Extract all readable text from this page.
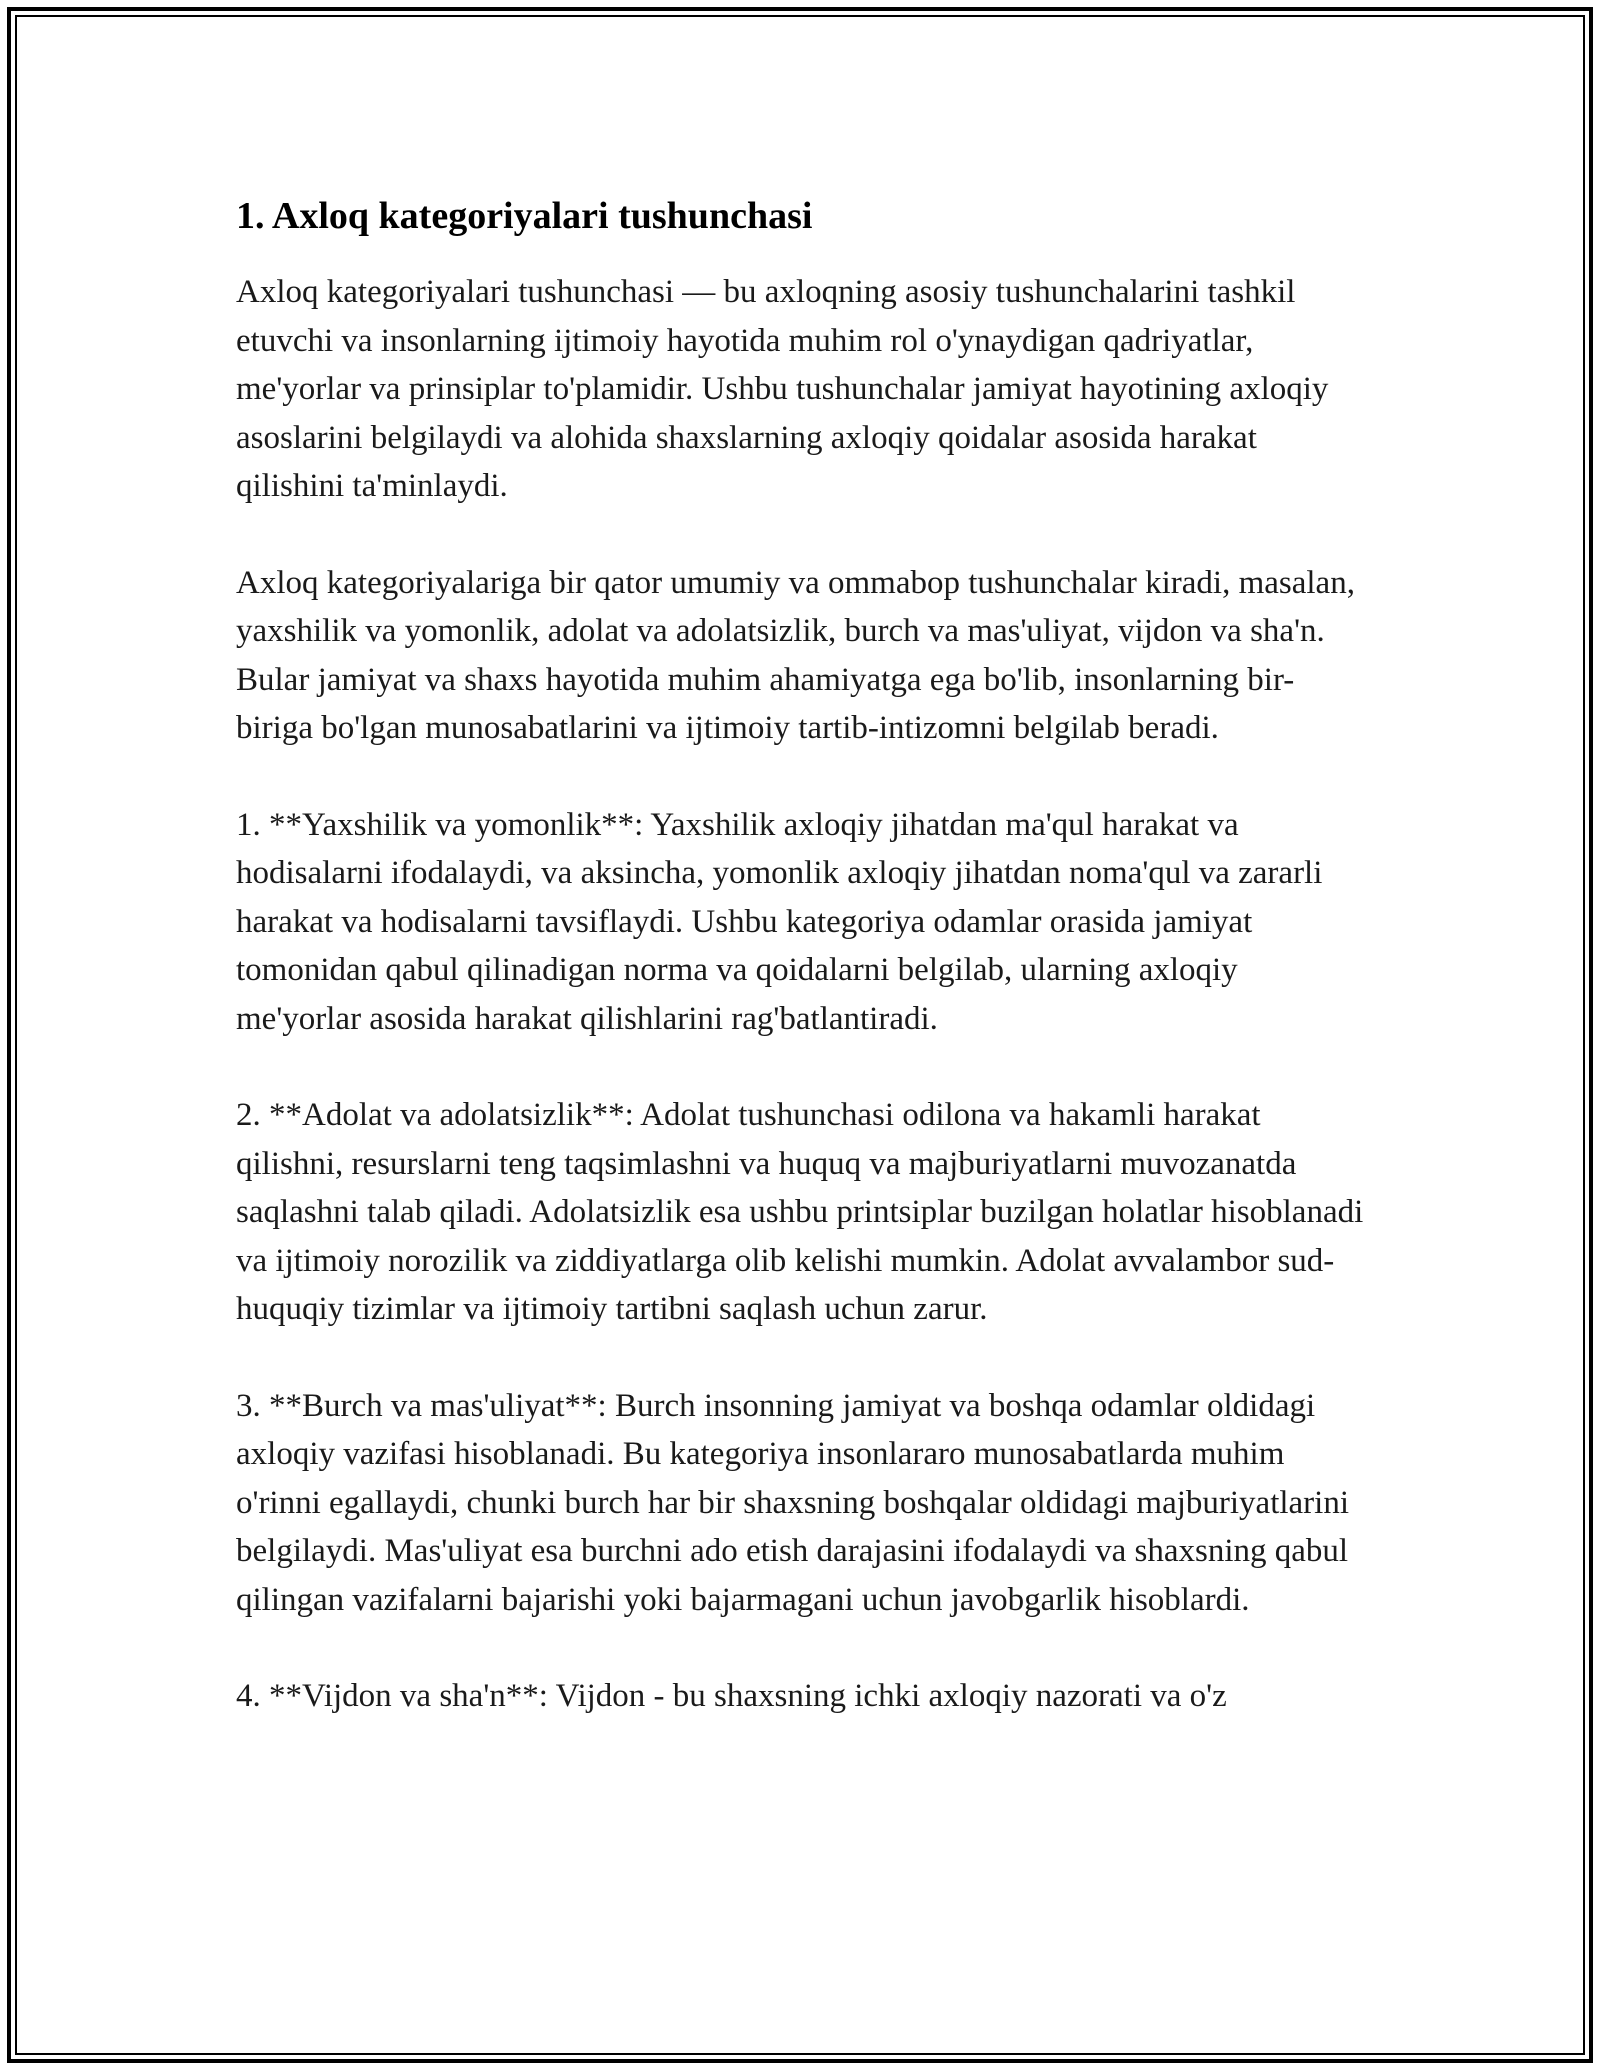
1. Axloq kategoriyalari tushunchasi

Axloq kategoriyalari tushunchasi — bu axloqning asosiy tushunchalarini tashkil etuvchi va insonlarning ijtimoiy hayotida muhim rol o'ynaydigan qadriyatlar, me'yorlar va prinsiplar to'plamidir. Ushbu tushunchalar jamiyat hayotining axloqiy asoslarini belgilaydi va alohida shaxslarning axloqiy qoidalar asosida harakat qilishini ta'minlaydi.

Axloq kategoriyalariga bir qator umumiy va ommabop tushunchalar kiradi, masalan, yaxshilik va yomonlik, adolat va adolatsizlik, burch va mas'uliyat, vijdon va sha'n. Bular jamiyat va shaxs hayotida muhim ahamiyatga ega bo'lib, insonlarning bir-biriga bo'lgan munosabatlarini va ijtimoiy tartib-intizomni belgilab beradi.

1. **Yaxshilik va yomonlik**: Yaxshilik axloqiy jihatdan ma'qul harakat va hodisalarni ifodalaydi, va aksincha, yomonlik axloqiy jihatdan noma'qul va zararli harakat va hodisalarni tavsiflaydi. Ushbu kategoriya odamlar orasida jamiyat tomonidan qabul qilinadigan norma va qoidalarni belgilab, ularning axloqiy me'yorlar asosida harakat qilishlarini rag'batlantiradi.

2. **Adolat va adolatsizlik**: Adolat tushunchasi odilona va hakamli harakat qilishni, resurslarni teng taqsimlashni va huquq va majburiyatlarni muvozanatda saqlashni talab qiladi. Adolatsizlik esa ushbu printsiplar buzilgan holatlar hisoblanadi va ijtimoiy norozilik va ziddiyatlarga olib kelishi mumkin. Adolat avvalambor sud-huquqiy tizimlar va ijtimoiy tartibni saqlash uchun zarur.

3. **Burch va mas'uliyat**: Burch insonning jamiyat va boshqa odamlar oldidagi axloqiy vazifasi hisoblanadi. Bu kategoriya insonlararo munosabatlarda muhim o'rinni egallaydi, chunki burch har bir shaxsning boshqalar oldidagi majburiyatlarini belgilaydi. Mas'uliyat esa burchni ado etish darajasini ifodalaydi va shaxsning qabul qilingan vazifalarni bajarishi yoki bajarmagani uchun javobgarlik hisoblardi.

4. **Vijdon va sha'n**: Vijdon - bu shaxsning ichki axloqiy nazorati va o'z
